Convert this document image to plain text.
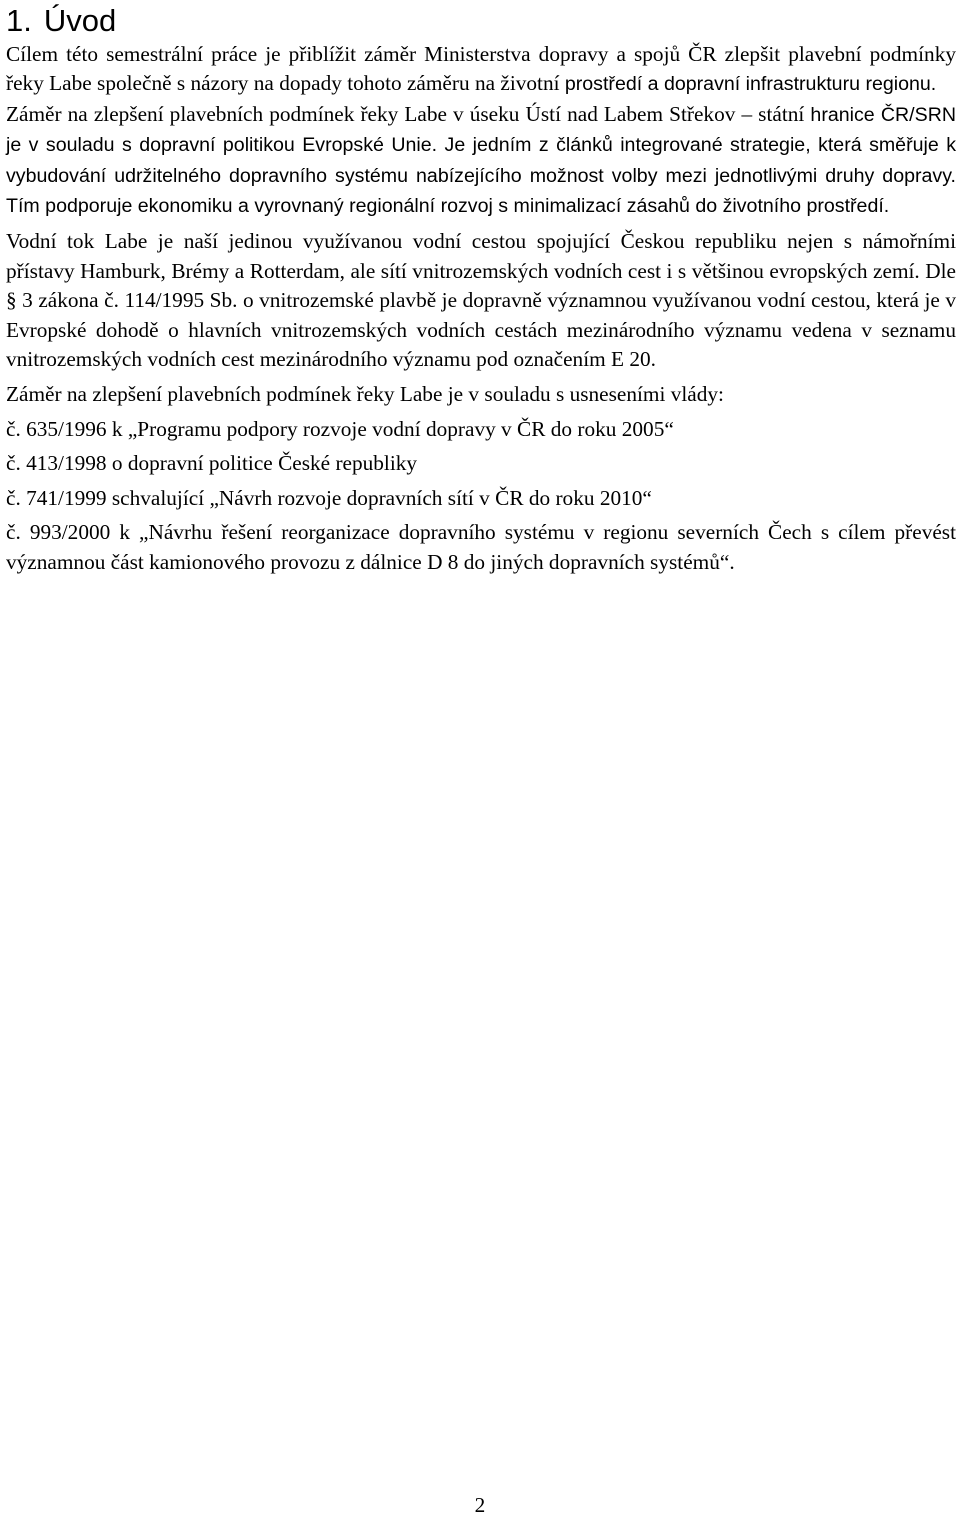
1. Úvod

Cílem této semestrální práce je přiblížit záměr Ministerstva dopravy a spojů ČR zlepšit plavební podmínky řeky Labe společně s názory na dopady tohoto záměru na životní prostředí a dopravní infrastrukturu regionu.

Záměr na zlepšení plavebních podmínek řeky Labe v úseku Ústí nad Labem Střekov – státní hranice ČR/SRN je v souladu s dopravní politikou Evropské Unie. Je jedním z článků integrované strategie, která směřuje k vybudování udržitelného dopravního systému nabízejícího možnost volby mezi jednotlivými druhy dopravy. Tím podporuje ekonomiku a vyrovnaný regionální rozvoj s minimalizací zásahů do životního prostředí.

Vodní tok Labe je naší jedinou využívanou vodní cestou spojující Českou republiku nejen s námořními přístavy Hamburk, Brémy a Rotterdam, ale sítí vnitrozemských vodních cest i s většinou evropských zemí. Dle § 3 zákona č. 114/1995 Sb. o vnitrozemské plavbě je dopravně významnou využívanou vodní cestou, která je v Evropské dohodě o hlavních vnitrozemských vodních cestách mezinárodního významu vedena v seznamu vnitrozemských vodních cest mezinárodního významu pod označením E 20.

Záměr na zlepšení plavebních podmínek řeky Labe je v souladu s usneseními vlády:

č. 635/1996 k „Programu podpory rozvoje vodní dopravy v ČR do roku 2005“

č. 413/1998 o dopravní politice České republiky

č. 741/1999 schvalující „Návrh rozvoje dopravních sítí v ČR do roku 2010“

č. 993/2000 k „Návrhu řešení reorganizace dopravního systému v regionu severních Čech s cílem převést významnou část kamionového provozu z dálnice D 8 do jiných dopravních systémů“.

2
